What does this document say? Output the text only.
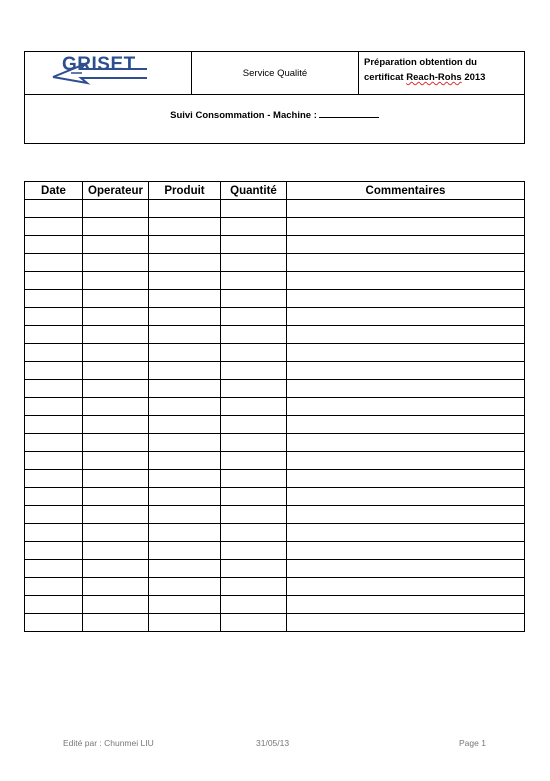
GRISET	Service Qualité
Préparation obtention du
certificat Reach-Rohs 2013
Suivi Consommation - Machine :
Date	Operateur	Produit	Quantité	Commentaires

Edité par : Chunmei LIU	31/05/13	Page 1
